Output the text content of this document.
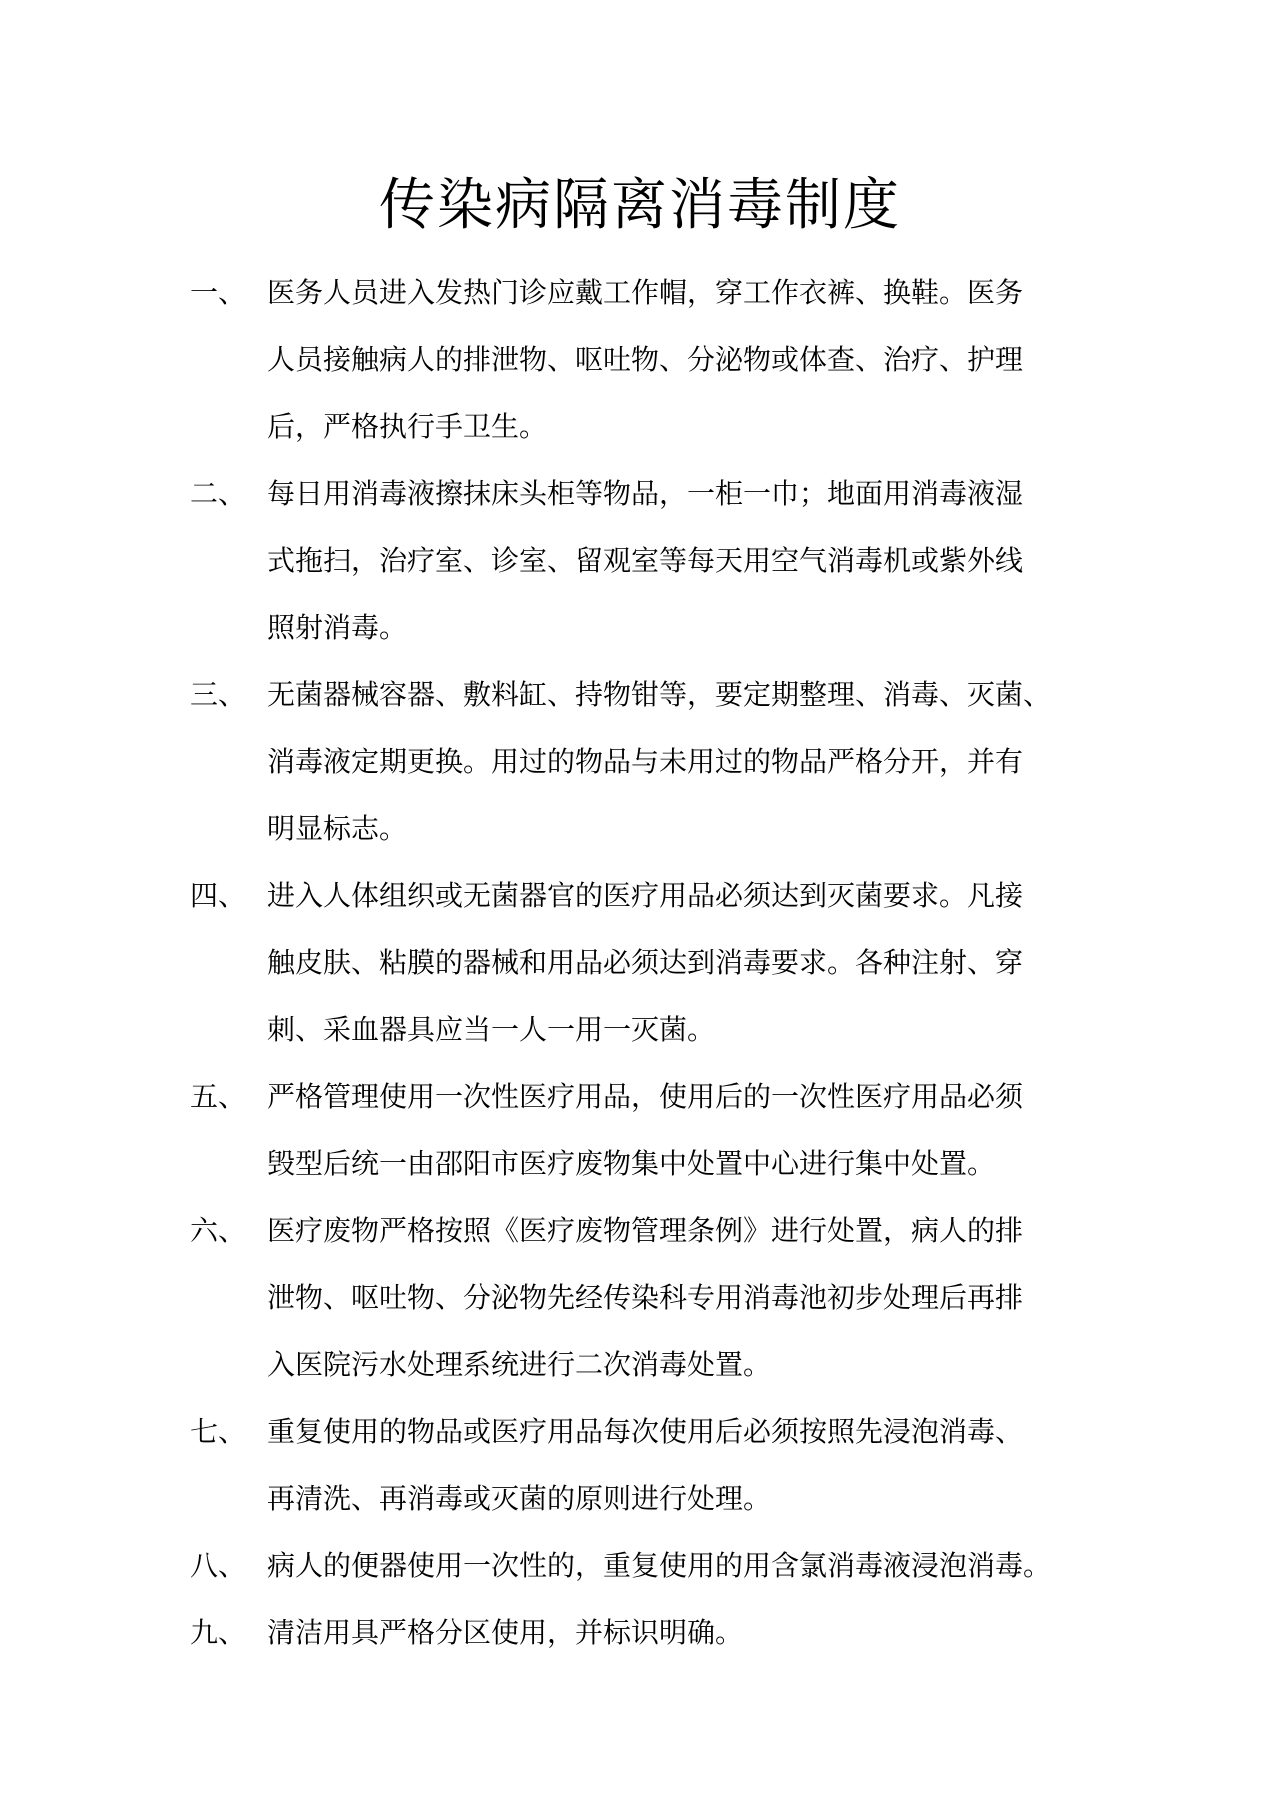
传染病隔离消毒制度
一、 医务人员进入发热门诊应戴工作帽，穿工作衣裤、换鞋。医务
人员接触病人的排泄物、呕吐物、分泌物或体查、治疗、护理
后，严格执行手卫生。
二、 每日用消毒液擦抹床头柜等物品，一柜一巾；地面用消毒液湿
式拖扫，治疗室、诊室、留观室等每天用空气消毒机或紫外线
照射消毒。
三、 无菌器械容器、敷料缸、持物钳等，要定期整理、消毒、灭菌、
消毒液定期更换。用过的物品与未用过的物品严格分开，并有
明显标志。
四、 进入人体组织或无菌器官的医疗用品必须达到灭菌要求。凡接
触皮肤、粘膜的器械和用品必须达到消毒要求。各种注射、穿
刺、采血器具应当一人一用一灭菌。
五、 严格管理使用一次性医疗用品，使用后的一次性医疗用品必须
毁型后统一由邵阳市医疗废物集中处置中心进行集中处置。
六、 医疗废物严格按照《医疗废物管理条例》进行处置，病人的排
泄物、呕吐物、分泌物先经传染科专用消毒池初步处理后再排
入医院污水处理系统进行二次消毒处置。
七、 重复使用的物品或医疗用品每次使用后必须按照先浸泡消毒、
再清洗、再消毒或灭菌的原则进行处理。
八、 病人的便器使用一次性的，重复使用的用含氯消毒液浸泡消毒。
九、 清洁用具严格分区使用，并标识明确。
